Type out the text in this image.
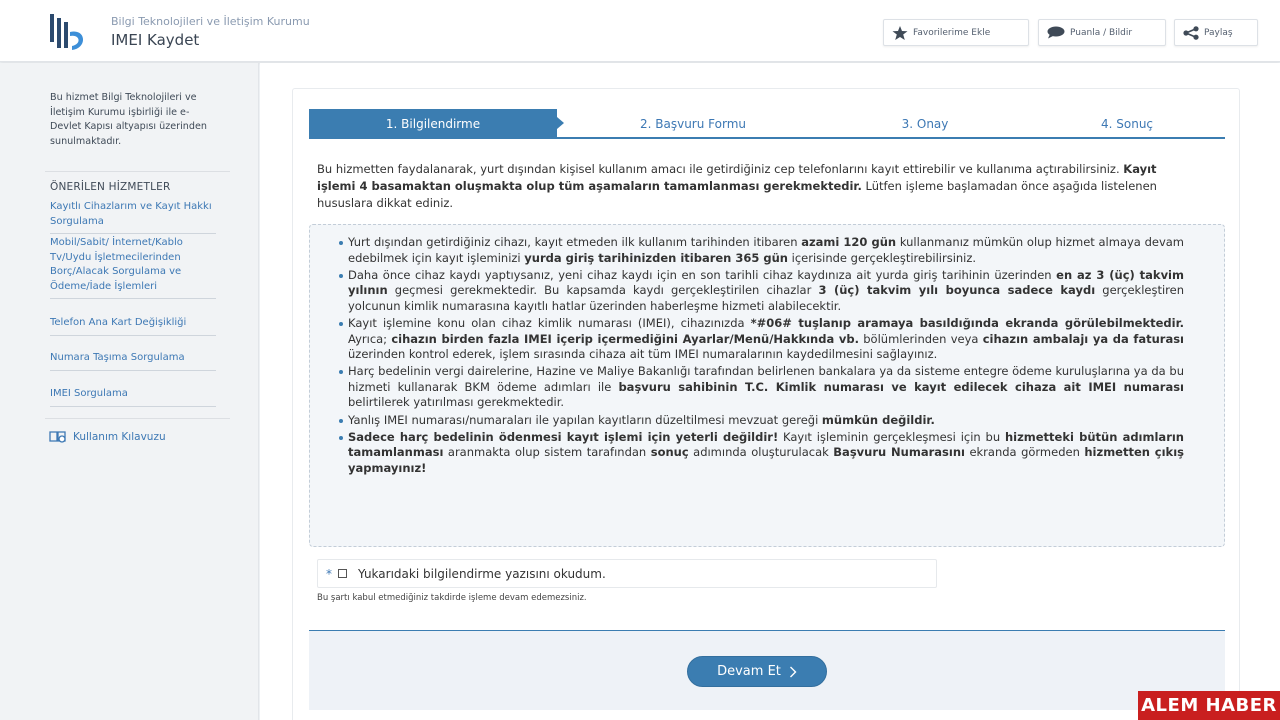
Bilgi Teknolojileri ve İletişim Kurumu
IMEI Kaydet	Favorilerime Ekle	Puanla / Bildir	Paylaş
Bu hizmet Bilgi Teknolojileri ve İletişim Kurumu işbirliği ile e-Devlet Kapısı altyapısı üzerinden sunulmaktadır.
ÖNERİLEN HİZMETLER
Kayıtlı Cihazlarım ve Kayıt Hakkı Sorgulama
Mobil/Sabit/ İnternet/Kablo Tv/Uydu İşletmecilerinden Borç/Alacak Sorgulama ve Ödeme/İade İşlemleri
Telefon Ana Kart Değişikliği
Numara Taşıma Sorgulama
IMEI Sorgulama
Kullanım Kılavuzu
1. Bilgilendirme	2. Başvuru Formu	3. Onay	4. Sonuç
Bu hizmetten faydalanarak, yurt dışından kişisel kullanım amacı ile getirdiğiniz cep telefonlarını kayıt ettirebilir ve kullanıma açtırabilirsiniz. Kayıt işlemi 4 basamaktan oluşmakta olup tüm aşamaların tamamlanması gerekmektedir. Lütfen işleme başlamadan önce aşağıda listelenen hususlara dikkat ediniz.
Yurt dışından getirdiğiniz cihazı, kayıt etmeden ilk kullanım tarihinden itibaren azami 120 gün kullanmanız mümkün olup hizmet almaya devam edebilmek için kayıt işleminizi yurda giriş tarihinizden itibaren 365 gün içerisinde gerçekleştirebilirsiniz.
Daha önce cihaz kaydı yaptıysanız, yeni cihaz kaydı için en son tarihli cihaz kaydınıza ait yurda giriş tarihinin üzerinden en az 3 (üç) takvim yılının geçmesi gerekmektedir. Bu kapsamda kaydı gerçekleştirilen cihazlar 3 (üç) takvim yılı boyunca sadece kaydı gerçekleştiren yolcunun kimlik numarasına kayıtlı hatlar üzerinden haberleşme hizmeti alabilecektir.
Kayıt işlemine konu olan cihaz kimlik numarası (IMEI), cihazınızda *#06# tuşlanıp aramaya basıldığında ekranda görülebilmektedir. Ayrıca; cihazın birden fazla IMEI içerip içermediğini Ayarlar/Menü/Hakkında vb. bölümlerinden veya cihazın ambalajı ya da faturası üzerinden kontrol ederek, işlem sırasında cihaza ait tüm IMEI numaralarının kaydedilmesini sağlayınız.
Harç bedelinin vergi dairelerine, Hazine ve Maliye Bakanlığı tarafından belirlenen bankalara ya da sisteme entegre ödeme kuruluşlarına ya da bu hizmeti kullanarak BKM ödeme adımları ile başvuru sahibinin T.C. Kimlik numarası ve kayıt edilecek cihaza ait IMEI numarası belirtilerek yatırılması gerekmektedir.
Yanlış IMEI numarası/numaraları ile yapılan kayıtların düzeltilmesi mevzuat gereği mümkün değildir.
Sadece harç bedelinin ödenmesi kayıt işlemi için yeterli değildir! Kayıt işleminin gerçekleşmesi için bu hizmetteki bütün adımların tamamlanması aranmakta olup sistem tarafından sonuç adımında oluşturulacak Başvuru Numarasını ekranda görmeden hizmetten çıkış yapmayınız!
* Yukarıdaki bilgilendirme yazısını okudum.
Bu şartı kabul etmediğiniz takdirde işleme devam edemezsiniz.
Devam Et
ALEM HABER
